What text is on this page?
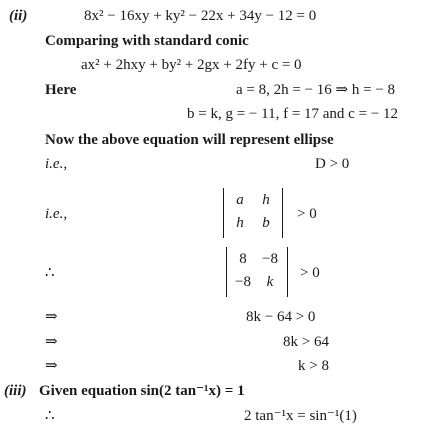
(ii)	8x² − 16xy + ky² − 22x + 34y − 12 = 0
Comparing with standard conic
ax² + 2hxy + by² + 2gx + 2fy + c = 0
Here	a = 8, 2h = − 16 ⇒ h = − 8
b = k, g = − 11, f = 17 and c = − 12
Now the above equation will represent ellipse
i.e.,	D > 0
i.e.,
a	h
h	b
> 0
∴
8	−8
−8	k
> 0
⇒	8k − 64 > 0
⇒	8k > 64
⇒	k > 8
(iii) Given equation sin(2 tan⁻¹x) = 1
∴	2 tan⁻¹x = sin⁻¹(1)
